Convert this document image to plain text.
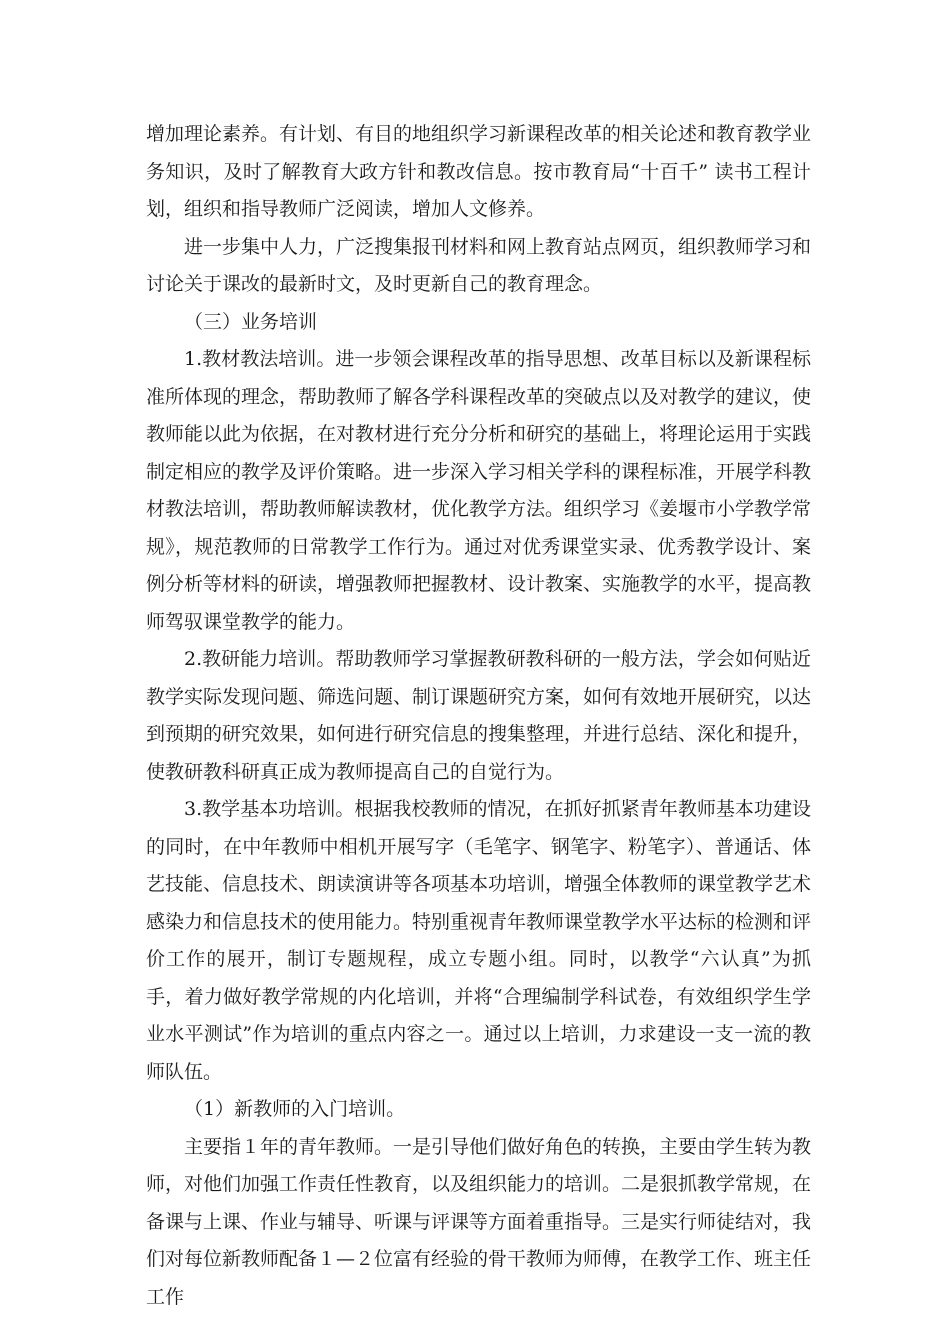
增加理论素养。有计划、有目的地组织学习新课程改革的相关论述和教育教学业务知识，及时了解教育大政方针和教改信息。按市教育局“十百千” 读书工程计划，组织和指导教师广泛阅读，增加人文修养。

进一步集中人力，广泛搜集报刊材料和网上教育站点网页，组织教师学习和讨论关于课改的最新时文，及时更新自己的教育理念。

（三）业务培训

1.教材教法培训。进一步领会课程改革的指导思想、改革目标以及新课程标准所体现的理念，帮助教师了解各学科课程改革的突破点以及对教学的建议，使教师能以此为依据，在对教材进行充分分析和研究的基础上，将理论运用于实践制定相应的教学及评价策略。进一步深入学习相关学科的课程标准，开展学科教材教法培训，帮助教师解读教材，优化教学方法。组织学习《姜堰市小学教学常规》，规范教师的日常教学工作行为。通过对优秀课堂实录、优秀教学设计、案例分析等材料的研读，增强教师把握教材、设计教案、实施教学的水平，提高教师驾驭课堂教学的能力。

2.教研能力培训。帮助教师学习掌握教研教科研的一般方法，学会如何贴近教学实际发现问题、筛选问题、制订课题研究方案，如何有效地开展研究，以达到预期的研究效果，如何进行研究信息的搜集整理，并进行总结、深化和提升，使教研教科研真正成为教师提高自己的自觉行为。

3.教学基本功培训。根据我校教师的情况，在抓好抓紧青年教师基本功建设的同时，在中年教师中相机开展写字（毛笔字、钢笔字、粉笔字）、普通话、体艺技能、信息技术、朗读演讲等各项基本功培训，增强全体教师的课堂教学艺术感染力和信息技术的使用能力。特别重视青年教师课堂教学水平达标的检测和评价工作的展开，制订专题规程，成立专题小组。同时，以教学“六认真”为抓手，着力做好教学常规的内化培训，并将“合理编制学科试卷，有效组织学生学业水平测试”作为培训的重点内容之一。通过以上培训，力求建设一支一流的教师队伍。

（1）新教师的入门培训。

主要指１年的青年教师。一是引导他们做好角色的转换，主要由学生转为教师，对他们加强工作责任性教育，以及组织能力的培训。二是狠抓教学常规，在备课与上课、作业与辅导、听课与评课等方面着重指导。三是实行师徒结对，我们对每位新教师配备１—２位富有经验的骨干教师为师傅，在教学工作、班主任工作
